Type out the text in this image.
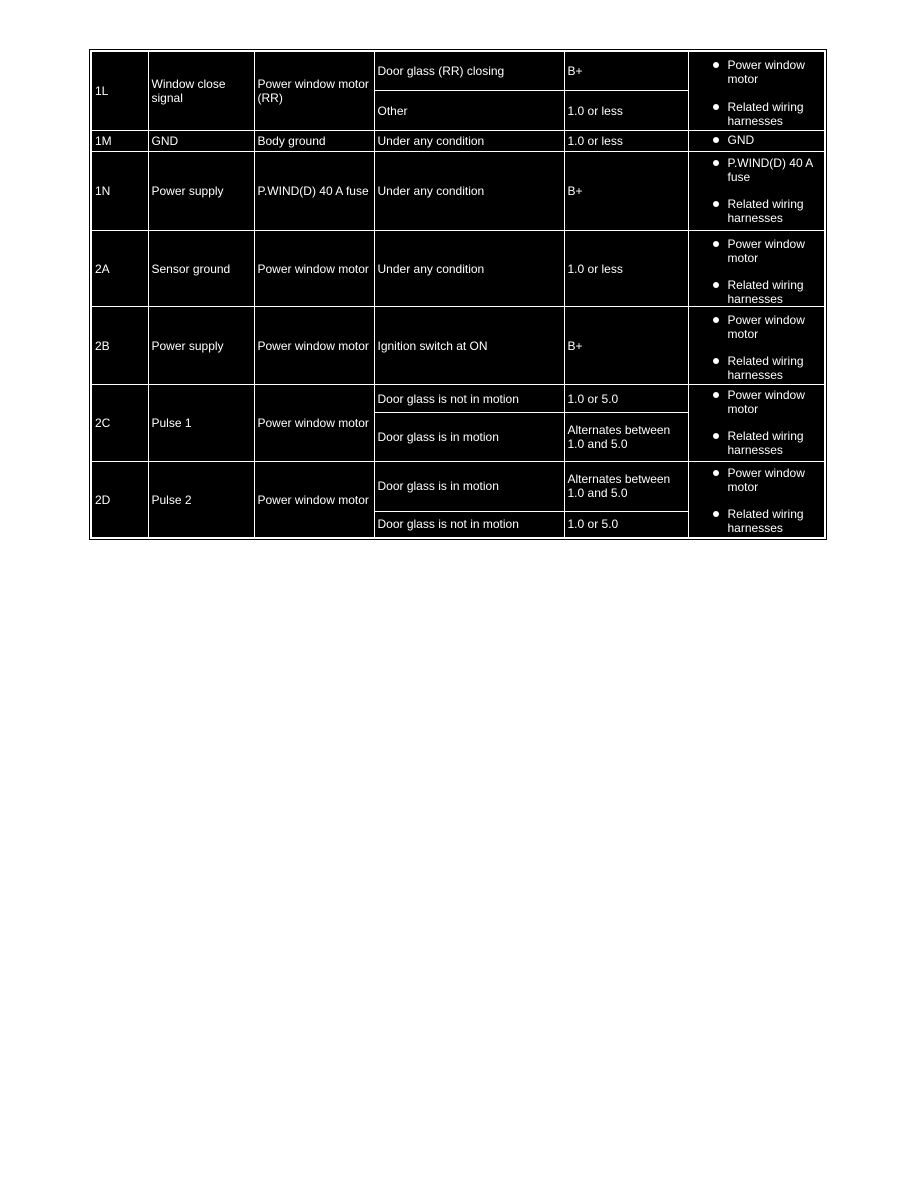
1L	Window close signal	Power window motor (RR)	Door glass (RR) closing	B+	Power window motor
Related wiring harnesses

			Other	1.0 or less	
1M	GND	Body ground	Under any condition	1.0 or less	GND

1N	Power supply	P.WIND(D) 40 A fuse	Under any condition	B+	P.WIND(D) 40 A fuse
Related wiring harnesses

2A	Sensor ground	Power window motor	Under any condition	1.0 or less	Power window motor
Related wiring harnesses

2B	Power supply	Power window motor	Ignition switch at ON	B+	Power window motor
Related wiring harnesses

2C	Pulse 1	Power window motor	Door glass is not in motion	1.0 or 5.0	Power window motor
Related wiring harnesses

			Door glass is in motion	Alternates between 1.0 and 5.0	
2D	Pulse 2	Power window motor	Door glass is in motion	Alternates between 1.0 and 5.0	Power window motor
Related wiring harnesses

			Door glass is not in motion	1.0 or 5.0	
